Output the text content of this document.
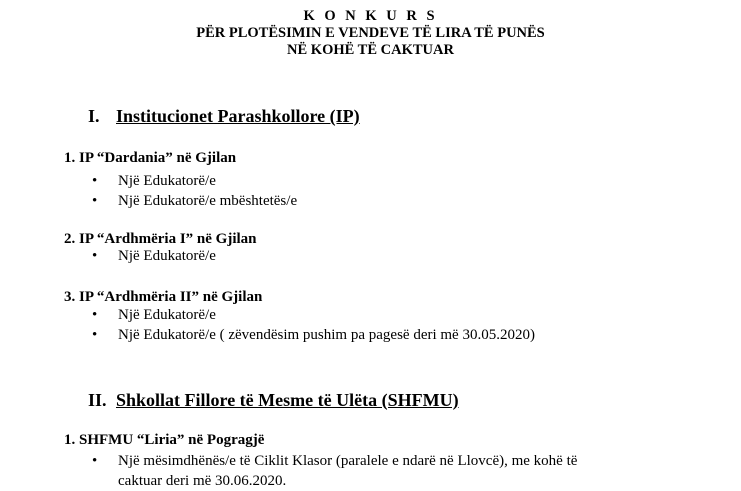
K O N K U R S
PËR PLOTËSIMIN E VENDEVE TË LIRA TË PUNËS
NË KOHË TË CAKTUAR
I. Institucionet Parashkollore (IP)
1. IP “Dardania” në Gjilan
• Një Edukatorë/e
• Një Edukatorë/e mbështetës/e
2. IP “Ardhmëria I” në Gjilan
• Një Edukatorë/e
3. IP “Ardhmëria II” në Gjilan
• Një Edukatorë/e
• Një Edukatorë/e ( zëvendësim pushim pa pagesë deri më 30.05.2020)
II. Shkollat Fillore të Mesme të Ulëta (SHFMU)
1. SHFMU “Liria” në Pogragjë
• Një mësimdhënës/e të Ciklit Klasor (paralele e ndarë në Llovcë), me kohë të
caktuar deri më 30.06.2020.
